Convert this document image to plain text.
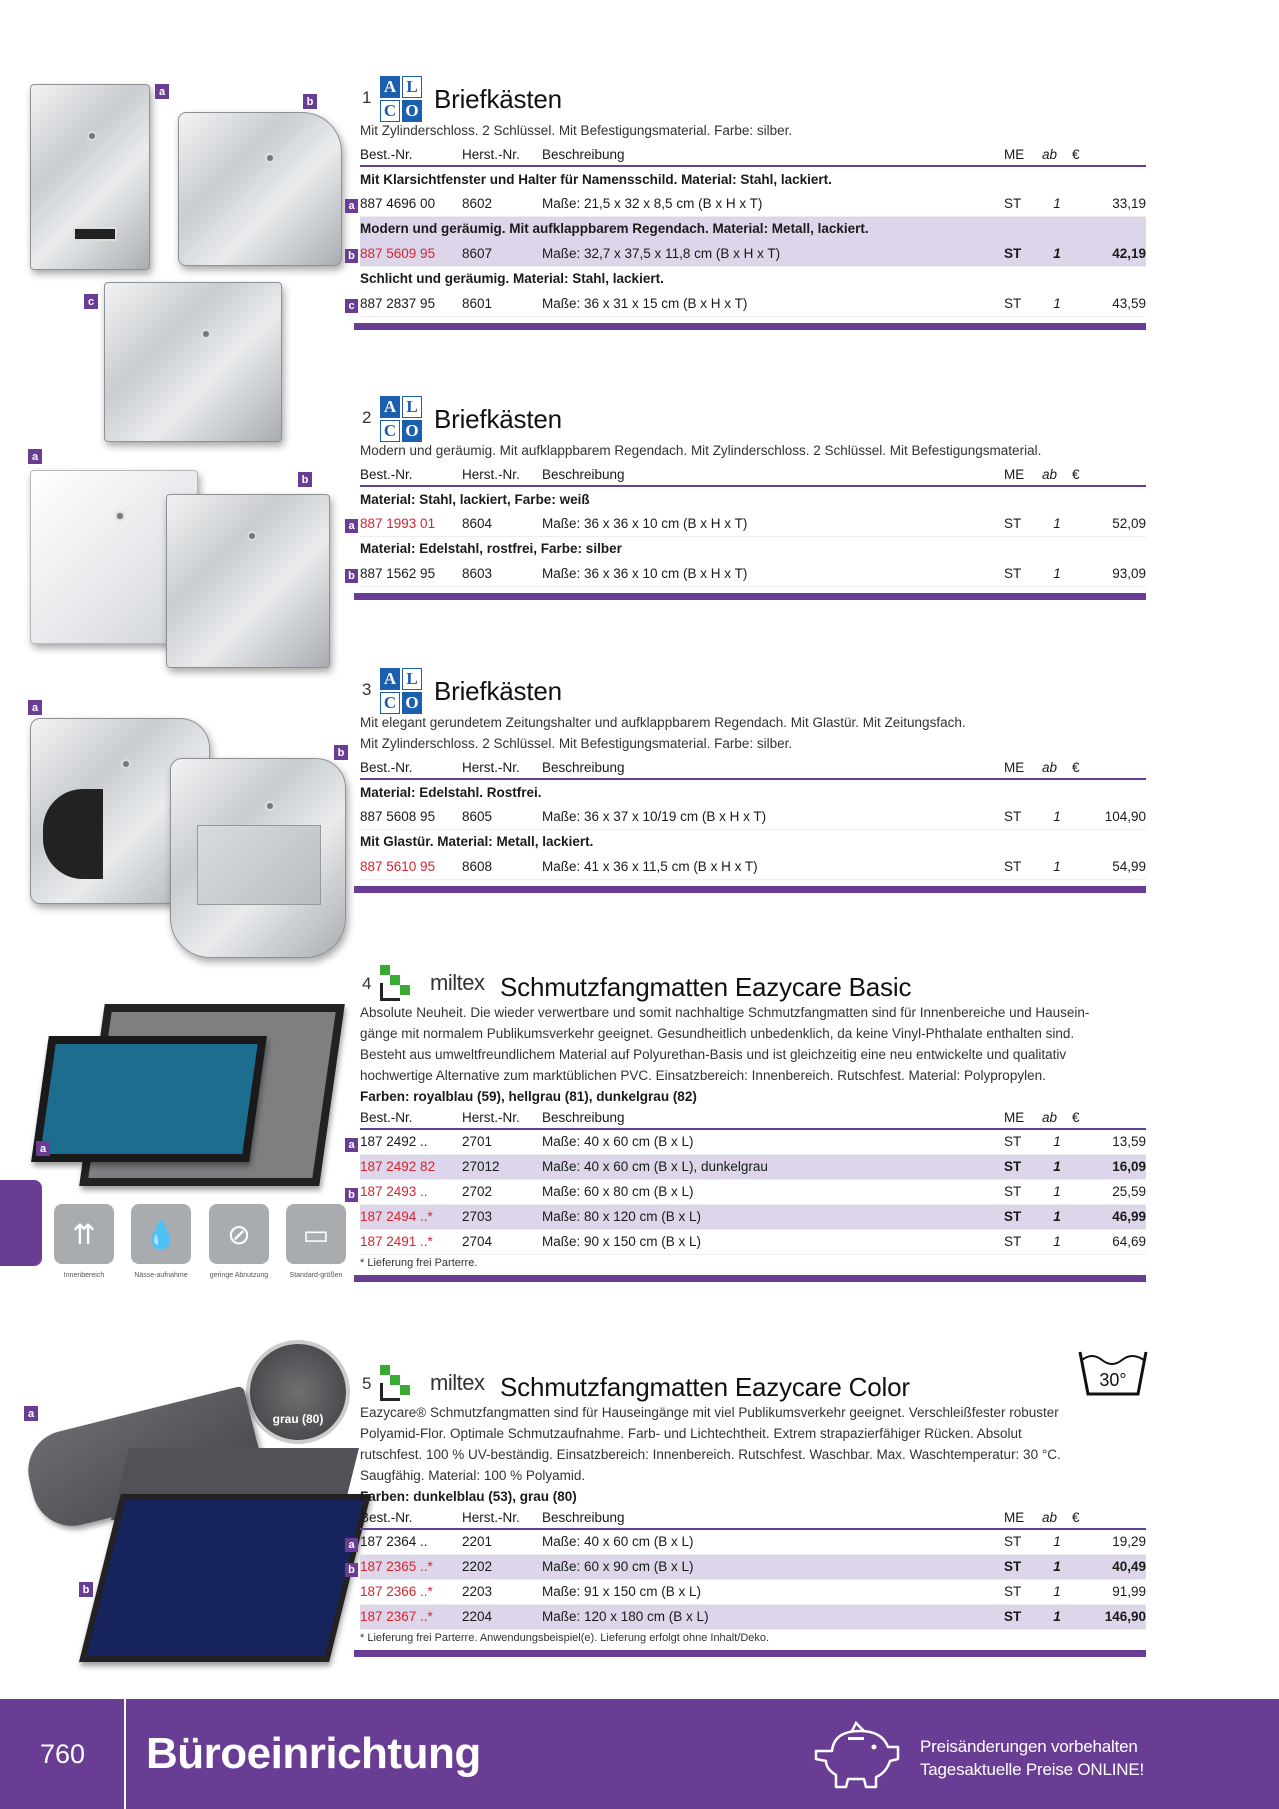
a
b
c
a
b
a
b
a
⇈
Innenbereich
💧
Nässe-aufnahme
⊘
geringe Abnutzung
▭
Standard-größen
grau (80)
a
b
1
A L
C O Briefkästen
Mit Zylinderschloss. 2 Schlüssel. Mit Befestigungsmaterial. Farbe: silber.
Best.-Nr.	Herst.-Nr.	Beschreibung	ME	ab	€
Mit Klarsichtfenster und Halter für Namensschild. Material: Stahl, lackiert.					

a 887 4696 00	8602	Maße: 21,5 x 32 x 8,5 cm (B x H x T)	ST	1	33,19
Modern und geräumig. Mit aufklappbarem Regendach. Material: Metall, lackiert.					

b 887 5609 95	8607	Maße: 32,7 x 37,5 x 11,8 cm (B x H x T)	ST	1	42,19
Schlicht und geräumig. Material: Stahl, lackiert.					

c 887 2837 95	8601	Maße: 36 x 31 x 15 cm (B x H x T)	ST	1	43,59
2
A L
C O Briefkästen
Modern und geräumig. Mit aufklappbarem Regendach. Mit Zylinderschloss. 2 Schlüssel. Mit Befestigungsmaterial.
Best.-Nr.	Herst.-Nr.	Beschreibung	ME	ab	€
Material: Stahl, lackiert, Farbe: weiß					

a 887 1993 01	8604	Maße: 36 x 36 x 10 cm (B x H x T)	ST	1	52,09
Material: Edelstahl, rostfrei, Farbe: silber					

b 887 1562 95	8603	Maße: 36 x 36 x 10 cm (B x H x T)	ST	1	93,09
3
A L
C O Briefkästen
Mit elegant gerundetem Zeitungshalter und aufklappbarem Regendach. Mit Glastür. Mit Zeitungsfach.
Mit Zylinderschloss. 2 Schlüssel. Mit Befestigungsmaterial. Farbe: silber.
Best.-Nr.	Herst.-Nr.	Beschreibung	ME	ab	€
Material: Edelstahl. Rostfrei.					
887 5608 95	8605	Maße: 36 x 37 x 10/19 cm (B x H x T)	ST	1	104,90
Mit Glastür. Material: Metall, lackiert.					
887 5610 95	8608	Maße: 41 x 36 x 11,5 cm (B x H x T)	ST	1	54,99
4	miltex Schmutzfangmatten Eazycare Basic
Absolute Neuheit. Die wieder verwertbare und somit nachhaltige Schmutzfangmatten sind für Innenbereiche und Hausein-
gänge mit normalem Publikumsverkehr geeignet. Gesundheitlich unbedenklich, da keine Vinyl-Phthalate enthalten sind.
Besteht aus umweltfreundlichem Material auf Polyurethan-Basis und ist gleichzeitig eine neu entwickelte und qualitativ
hochwertige Alternative zum marktüblichen PVC. Einsatzbereich: Innenbereich. Rutschfest. Material: Polypropylen.
Farben: royalblau (59), hellgrau (81), dunkelgrau (82)
Best.-Nr.	Herst.-Nr.	Beschreibung	ME	ab	€

a 187 2492 ..	2701	Maße: 40 x 60 cm (B x L)	ST	1	13,59
187 2492 82	27012	Maße: 40 x 60 cm (B x L), dunkelgrau	ST	1	16,09

b 187 2493 ..	2702	Maße: 60 x 80 cm (B x L)	ST	1	25,59
187 2494 ..*	2703	Maße: 80 x 120 cm (B x L)	ST	1	46,99
187 2491 ..*	2704	Maße: 90 x 150 cm (B x L)	ST	1	64,69
* Lieferung frei Parterre.
30°
5	miltex Schmutzfangmatten Eazycare Color
Eazycare® Schmutzfangmatten sind für Hauseingänge mit viel Publikumsverkehr geeignet. Verschleißfester robuster
Polyamid-Flor. Optimale Schmutzaufnahme. Farb- und Lichtechtheit. Extrem strapazierfähiger Rücken. Absolut
rutschfest. 100 % UV-beständig. Einsatzbereich: Innenbereich. Rutschfest. Waschbar. Max. Waschtemperatur: 30 °C.
Saugfähig. Material: 100 % Polyamid.
Farben: dunkelblau (53), grau (80)
Best.-Nr.	Herst.-Nr.	Beschreibung	ME	ab	€

a 187 2364 ..	2201	Maße: 40 x 60 cm (B x L)	ST	1	19,29

b 187 2365 ..*	2202	Maße: 60 x 90 cm (B x L)	ST	1	40,49
187 2366 ..*	2203	Maße: 91 x 150 cm (B x L)	ST	1	91,99
187 2367 ..*	2204	Maße: 120 x 180 cm (B x L)	ST	1	146,90
* Lieferung frei Parterre. Anwendungsbeispiel(e). Lieferung erfolgt ohne Inhalt/Deko.
760 Büroeinrichtung	Preisänderungen vorbehalten
Tagesaktuelle Preise ONLINE!
